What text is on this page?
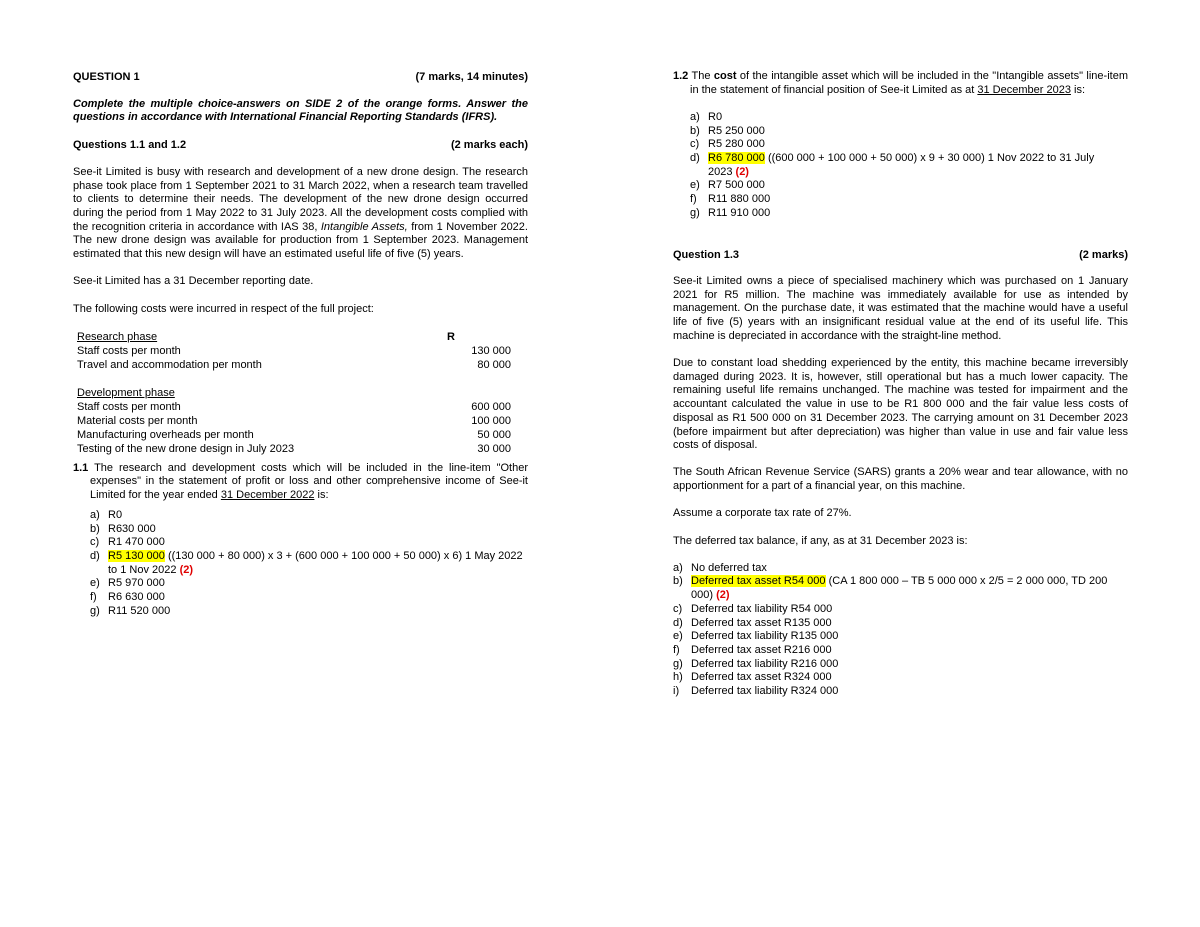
QUESTION 1	(7 marks, 14 minutes)

Complete the multiple choice-answers on SIDE 2 of the orange forms. Answer the questions in accordance with International Financial Reporting Standards (IFRS).

Questions 1.1 and 1.2	(2 marks each)

See-it Limited is busy with research and development of a new drone design. The research phase took place from 1 September 2021 to 31 March 2022, when a research team travelled to clients to determine their needs. The development of the new drone design occurred during the period from 1 May 2022 to 31 July 2023. All the development costs complied with the recognition criteria in accordance with IAS 38, Intangible Assets, from 1 November 2022. The new drone design was available for production from 1 September 2023. Management estimated that this new design will have an estimated useful life of five (5) years.

See-it Limited has a 31 December reporting date.

The following costs were incurred in respect of the full project:

Research phase	R
Staff costs per month	130 000
Travel and accommodation per month	80 000

Development phase	
Staff costs per month	600 000
Material costs per month	100 000
Manufacturing overheads per month	50 000
Testing of the new drone design in July 2023	30 000

1.1 The research and development costs which will be included in the line-item "Other expenses" in the statement of profit or loss and other comprehensive income of See-it Limited for the year ended 31 December 2022 is:

a) R0
b) R630 000
c) R1 470 000
d) R5 130 000 ((130 000 + 80 000) x 3 + (600 000 + 100 000 + 50 000) x 6) 1 May 2022 to 1 Nov 2022 (2)
e) R5 970 000
f)	R6 630 000
g) R11 520 000

1.2 The cost of the intangible asset which will be included in the "Intangible assets" line-item in the statement of financial position of See-it Limited as at 31 December 2023 is:

a) R0
b) R5 250 000
c) R5 280 000
d) R6 780 000 ((600 000 + 100 000 + 50 000) x 9 + 30 000) 1 Nov 2022 to 31 July 2023 (2)
e) R7 500 000
f)	R11 880 000
g) R11 910 000
Question 1.3	(2 marks)

See-it Limited owns a piece of specialised machinery which was purchased on 1 January 2021 for R5 million. The machine was immediately available for use as intended by management. On the purchase date, it was estimated that the machine would have a useful life of five (5) years with an insignificant residual value at the end of its useful life. This machine is depreciated in accordance with the straight-line method.

Due to constant load shedding experienced by the entity, this machine became irreversibly damaged during 2023. It is, however, still operational but has a much lower capacity. The remaining useful life remains unchanged. The machine was tested for impairment and the accountant calculated the value in use to be R1 800 000 and the fair value less costs of disposal as R1 500 000 on 31 December 2023. The carrying amount on 31 December 2023 (before impairment but after depreciation) was higher than value in use and fair value less costs of disposal.

The South African Revenue Service (SARS) grants a 20% wear and tear allowance, with no apportionment for a part of a financial year, on this machine.

Assume a corporate tax rate of 27%.

The deferred tax balance, if any, as at 31 December 2023 is:

a) No deferred tax
b) Deferred tax asset R54 000 (CA 1 800 000 – TB 5 000 000 x 2/5 = 2 000 000, TD 200 000) (2)
c) Deferred tax liability R54 000
d) Deferred tax asset R135 000
e) Deferred tax liability R135 000
f)	Deferred tax asset R216 000
g) Deferred tax liability R216 000
h) Deferred tax asset R324 000
i)	Deferred tax liability R324 000
